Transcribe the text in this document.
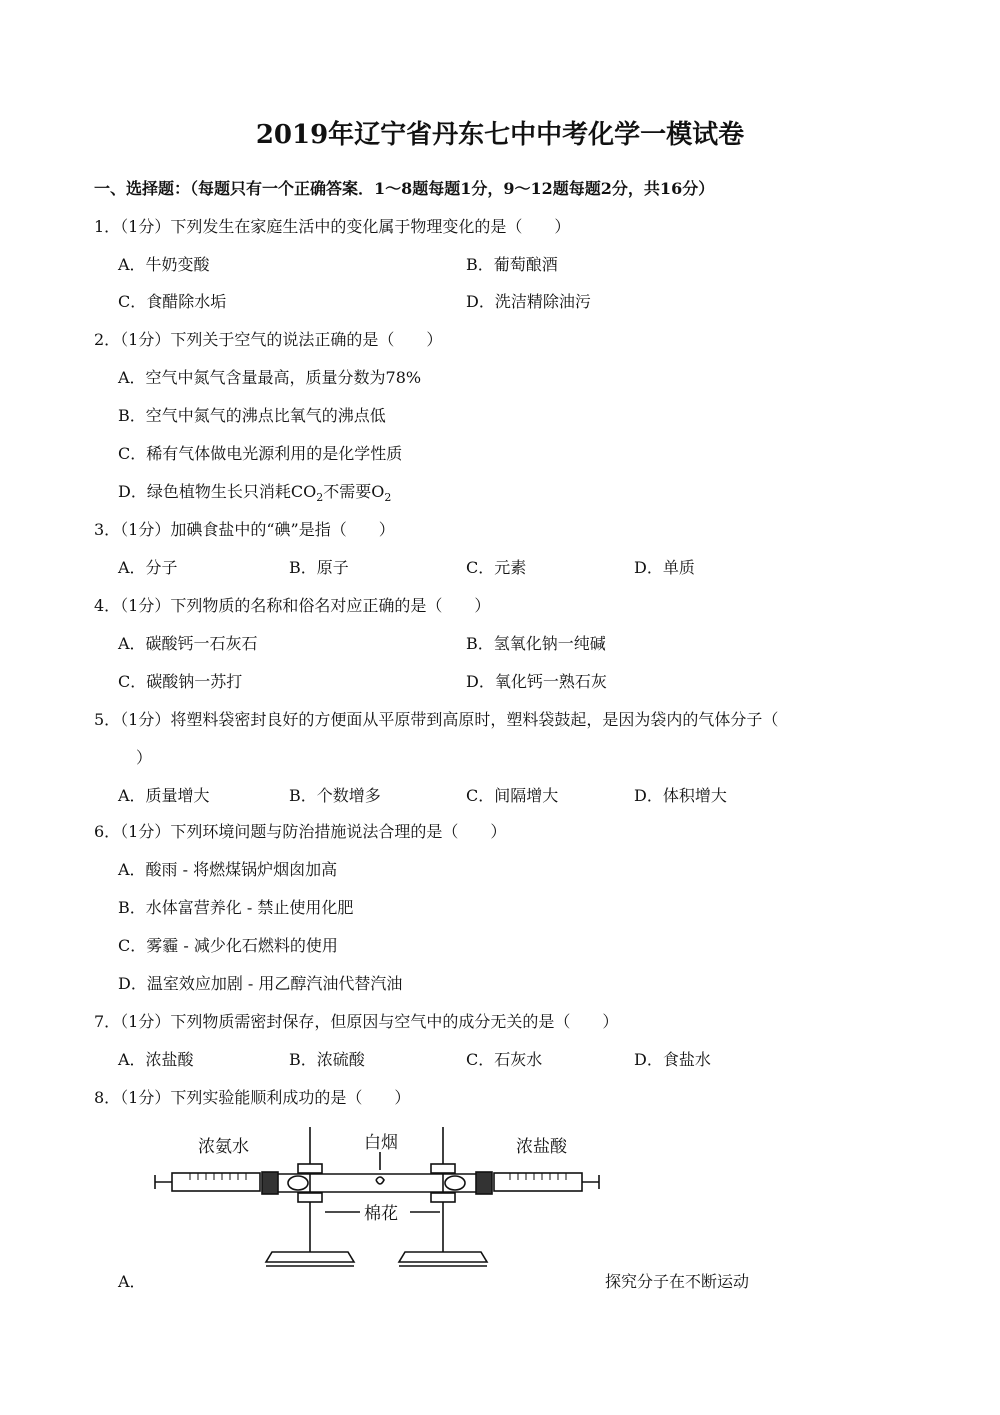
2019年辽宁省丹东七中中考化学一模试卷
一、选择题：（每题只有一个正确答案．1～8题每题1分，9～12题每题2分，共16分）
1．（1分）下列发生在家庭生活中的变化属于物理变化的是（　　）
A．牛奶变酸	B．葡萄酿酒
C．食醋除水垢	D．洗洁精除油污
2．（1分）下列关于空气的说法正确的是（　　）
A．空气中氮气含量最高，质量分数为78%
B．空气中氮气的沸点比氧气的沸点低
C．稀有气体做电光源利用的是化学性质
D．绿色植物生长只消耗$CO_2$不需要$O_2$
3．（1分）加碘食盐中的“碘”是指（　　）
A．分子	B．原子	C．元素	D．单质
4．（1分）下列物质的名称和俗名对应正确的是（　　）
A．碳酸钙一石灰石	B．氢氧化钠一纯碱
C．碳酸钠一苏打	D．氧化钙一熟石灰
5．（1分）将塑料袋密封良好的方便面从平原带到高原时，塑料袋鼓起，是因为袋内的气体分子（
）
A．质量增大	B．个数增多	C．间隔增大	D．体积增大
6．（1分）下列环境问题与防治措施说法合理的是（　　）
A．酸雨 - 将燃煤锅炉烟囱加高
B．水体富营养化 - 禁止使用化肥
C．雾霾 - 减少化石燃料的使用
D．温室效应加剧 - 用乙醇汽油代替汽油
7．（1分）下列物质需密封保存，但原因与空气中的成分无关的是（　　）
A．浓盐酸	B．浓硫酸	C．石灰水	D．食盐水
8．（1分）下列实验能顺利成功的是（　　）
浓氨水	白烟	浓盐酸
棉花
A．	探究分子在不断运动
